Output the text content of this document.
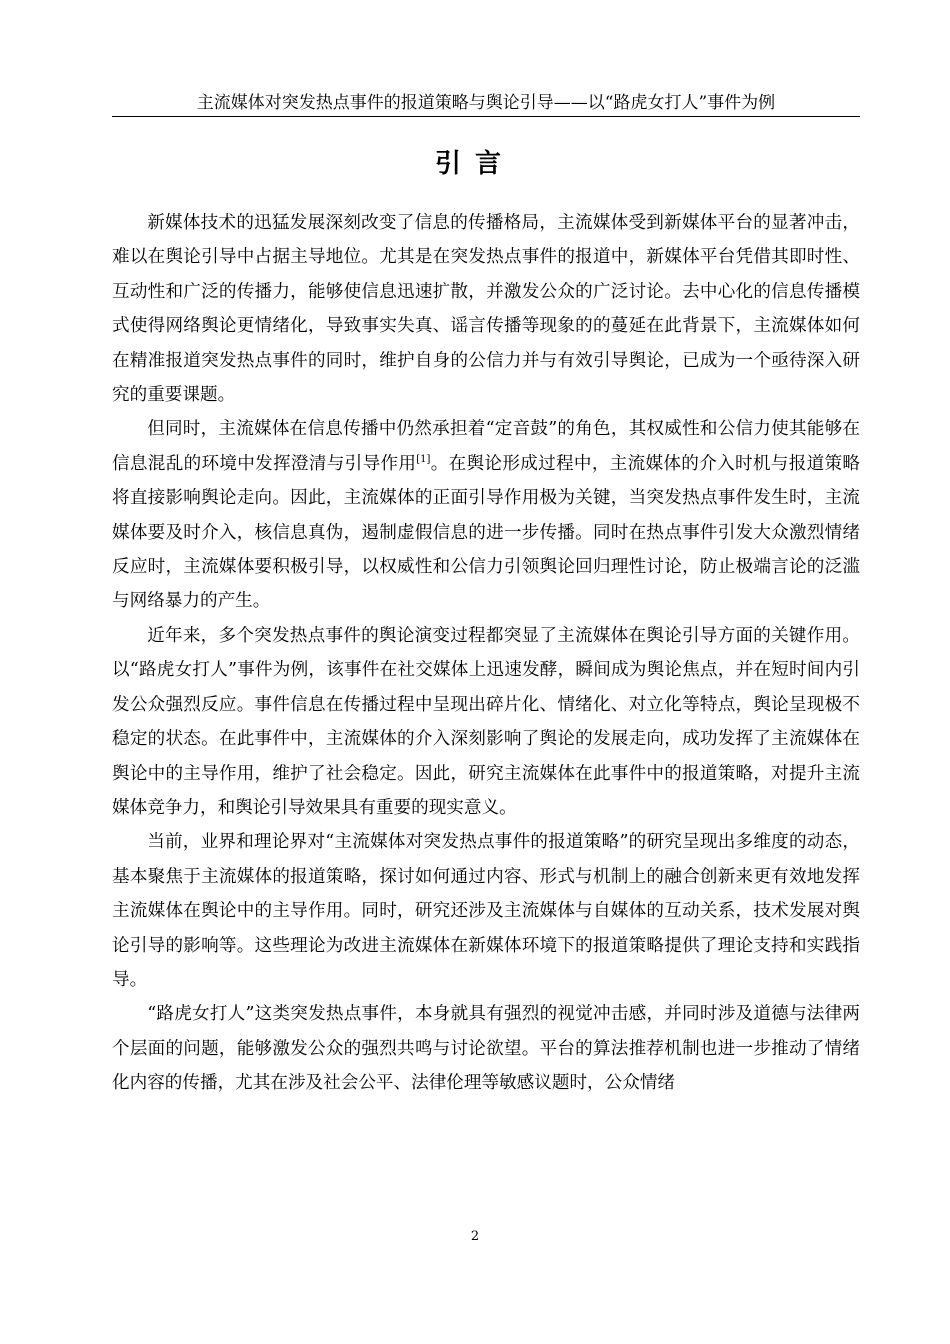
主流媒体对突发热点事件的报道策略与舆论引导——以“路虎女打人”事件为例
引言

新媒体技术的迅猛发展深刻改变了信息的传播格局，主流媒体受到新媒体平台的显著冲击，难以在舆论引导中占据主导地位。尤其是在突发热点事件的报道中，新媒体平台凭借其即时性、互动性和广泛的传播力，能够使信息迅速扩散，并激发公众的广泛讨论。去中心化的信息传播模式使得网络舆论更情绪化，导致事实失真、谣言传播等现象的的蔓延在此背景下，主流媒体如何在精准报道突发热点事件的同时，维护自身的公信力并与有效引导舆论，已成为一个亟待深入研究的重要课题。

但同时，主流媒体在信息传播中仍然承担着“定音鼓”的角色，其权威性和公信力使其能够在信息混乱的环境中发挥澄清与引导作用[1]。在舆论形成过程中，主流媒体的介入时机与报道策略将直接影响舆论走向。因此，主流媒体的正面引导作用极为关键，当突发热点事件发生时，主流媒体要及时介入，核信息真伪，遏制虚假信息的进一步传播。同时在热点事件引发大众激烈情绪反应时，主流媒体要积极引导，以权威性和公信力引领舆论回归理性讨论，防止极端言论的泛滥与网络暴力的产生。

近年来，多个突发热点事件的舆论演变过程都突显了主流媒体在舆论引导方面的关键作用。以“路虎女打人”事件为例，该事件在社交媒体上迅速发酵，瞬间成为舆论焦点，并在短时间内引发公众强烈反应。事件信息在传播过程中呈现出碎片化、情绪化、对立化等特点，舆论呈现极不稳定的状态。在此事件中，主流媒体的介入深刻影响了舆论的发展走向，成功发挥了主流媒体在舆论中的主导作用，维护了社会稳定。因此，研究主流媒体在此事件中的报道策略，对提升主流媒体竞争力，和舆论引导效果具有重要的现实意义。

当前，业界和理论界对“主流媒体对突发热点事件的报道策略”的研究呈现出多维度的动态，基本聚焦于主流媒体的报道策略，探讨如何通过内容、形式与机制上的融合创新来更有效地发挥主流媒体在舆论中的主导作用。同时，研究还涉及主流媒体与自媒体的互动关系，技术发展对舆论引导的影响等。这些理论为改进主流媒体在新媒体环境下的报道策略提供了理论支持和实践指导。

“路虎女打人”这类突发热点事件，本身就具有强烈的视觉冲击感，并同时涉及道德与法律两个层面的问题，能够激发公众的强烈共鸣与讨论欲望。平台的算法推荐机制也进一步推动了情绪化内容的传播，尤其在涉及社会公平、法律伦理等敏感议题时，公众情绪

2
